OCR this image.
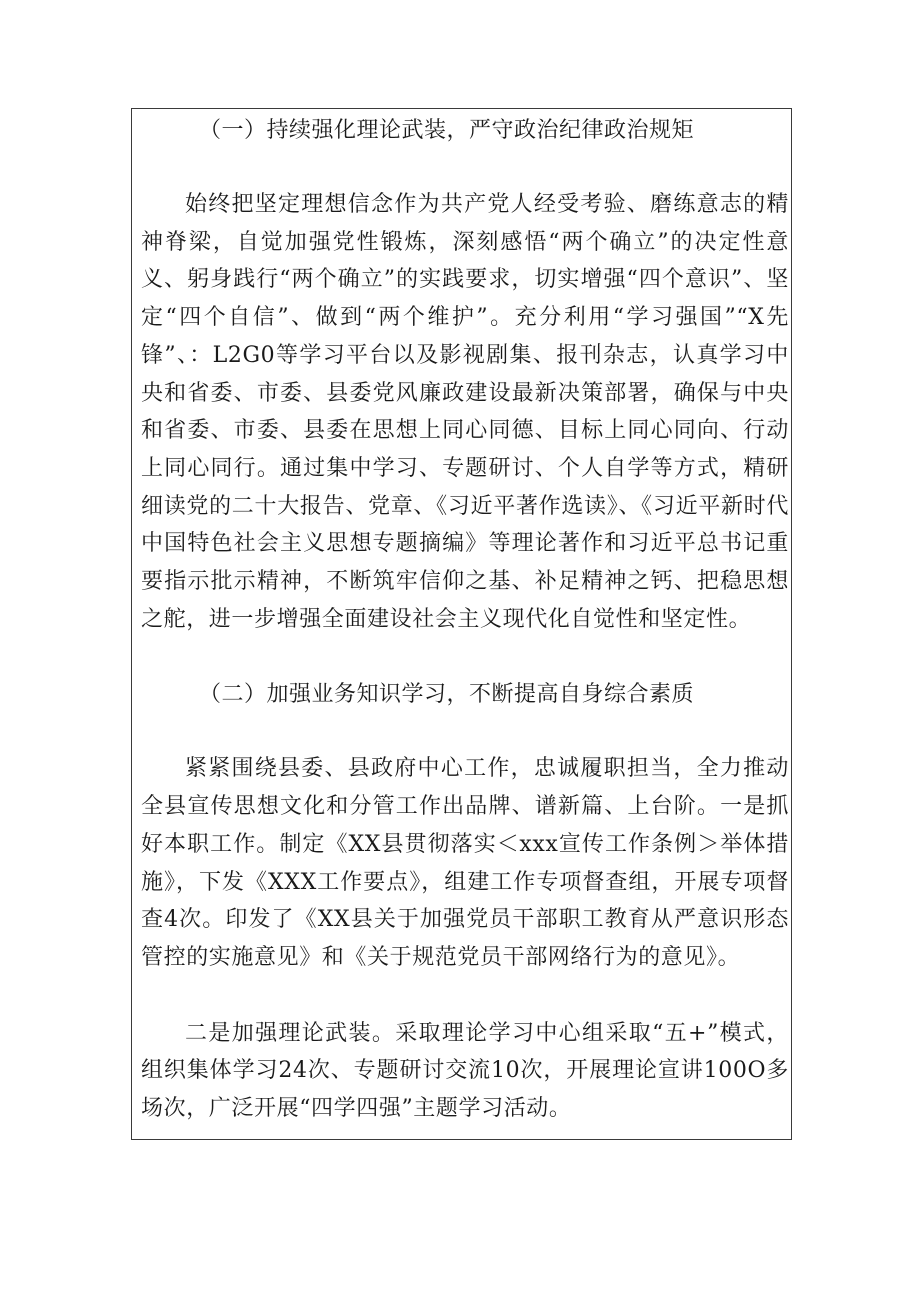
（一）持续强化理论武装，严守政治纪律政治规矩

始终把坚定理想信念作为共产党人经受考验、磨练意志的精神脊梁，自觉加强党性锻炼，深刻感悟“两个确立”的决定性意义、躬身践行“两个确立”的实践要求，切实增强“四个意识”、坚定“四个自信”、做到“两个维护”。充分利用“学习强国”“X先锋”、：L2G0等学习平台以及影视剧集、报刊杂志，认真学习中央和省委、市委、县委党风廉政建设最新决策部署，确保与中央和省委、市委、县委在思想上同心同德、目标上同心同向、行动上同心同行。通过集中学习、专题研讨、个人自学等方式，精研细读党的二十大报告、党章、《习近平著作选读》、《习近平新时代中国特色社会主义思想专题摘编》等理论著作和习近平总书记重要指示批示精神，不断筑牢信仰之基、补足精神之钙、把稳思想之舵，进一步增强全面建设社会主义现代化自觉性和坚定性。

（二）加强业务知识学习，不断提高自身综合素质

紧紧围绕县委、县政府中心工作，忠诚履职担当，全力推动全县宣传思想文化和分管工作出品牌、谱新篇、上台阶。一是抓好本职工作。制定《XX县贯彻落实＜xxx宣传工作条例＞举体措施》，下发《XXX工作要点》，组建工作专项督查组，开展专项督查4次。印发了《XX县关于加强党员干部职工教育从严意识形态管控的实施意见》和《关于规范党员干部网络行为的意见》。

二是加强理论武装。采取理论学习中心组采取“五+”模式，组织集体学习24次、专题研讨交流10次，开展理论宣讲100O多场次，广泛开展“四学四强”主题学习活动。
